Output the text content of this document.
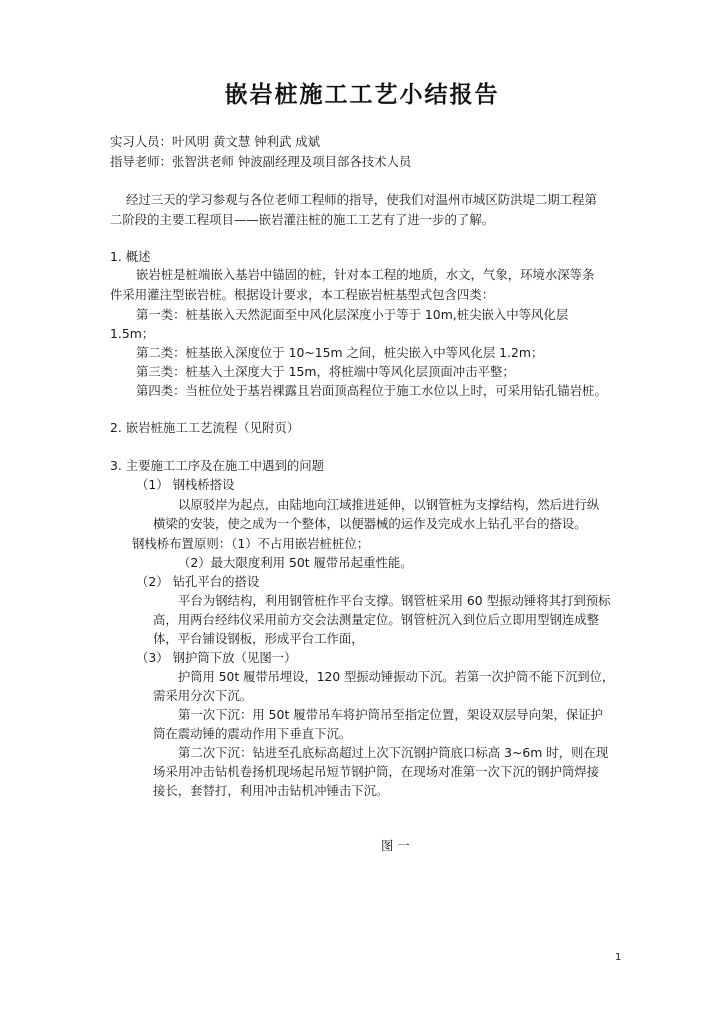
嵌岩桩施工工艺小结报告
实习人员：叶风明 黄文慧 钟利武 成斌
指导老师：张智洪老师 钟波副经理及项目部各技术人员
经过三天的学习参观与各位老师工程师的指导，使我们对温州市城区防洪堤二期工程第
二阶段的主要工程项目——嵌岩灌注桩的施工工艺有了进一步的了解。
1. 概述
嵌岩桩是桩端嵌入基岩中锚固的桩，针对本工程的地质，水文，气象，环境水深等条
件采用灌注型嵌岩桩。根据设计要求，本工程嵌岩桩基型式包含四类：
第一类：桩基嵌入天然泥面至中风化层深度小于等于 10m,桩尖嵌入中等风化层
1.5m；
第二类：桩基嵌入深度位于 10~15m 之间，桩尖嵌入中等风化层 1.2m；
第三类：桩基入土深度大于 15m，将桩端中等风化层顶面冲击平整；
第四类：当桩位处于基岩裸露且岩面顶高程位于施工水位以上时，可采用钻孔锚岩桩。
2. 嵌岩桩施工工艺流程（见附页）
3. 主要施工工序及在施工中遇到的问题
（1） 钢栈桥搭设
以原驳岸为起点，由陆地向江域推进延伸，以钢管桩为支撑结构，然后进行纵
横梁的安装，使之成为一个整体，以便器械的运作及完成水上钻孔平台的搭设。
钢栈桥布置原则：（1）不占用嵌岩桩桩位；
（2）最大限度利用 50t 履带吊起重性能。
（2） 钻孔平台的搭设
平台为钢结构，利用钢管桩作平台支撑。钢管桩采用 60 型振动锤将其打到预标
高，用两台经纬仪采用前方交会法测量定位。钢管桩沉入到位后立即用型钢连成整
体，平台铺设钢板，形成平台工作面，
（3） 钢护筒下放（见图一）
护筒用 50t 履带吊埋设，120 型振动锤振动下沉。若第一次护筒不能下沉到位，
需采用分次下沉。
第一次下沉：用 50t 履带吊车将护筒吊至指定位置，架设双层导向架，保证护
筒在震动锤的震动作用下垂直下沉。
第二次下沉：钻进至孔底标高超过上次下沉钢护筒底口标高 3~6m 时，则在现
场采用冲击钻机卷扬机现场起吊短节钢护筒，在现场对准第一次下沉的钢护筒焊接
接长，套替打，利用冲击钻机冲锤击下沉。
图 一
1
